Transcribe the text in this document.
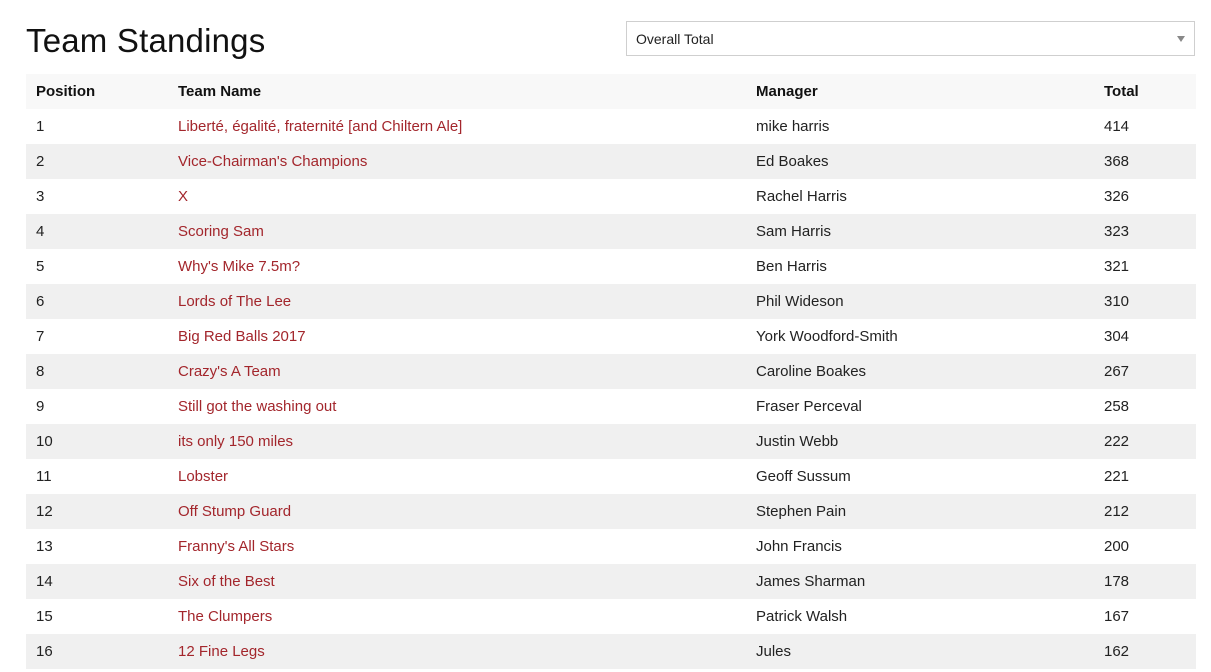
Team Standings	Overall Total
Position	Team Name	Manager	Total
1	Liberté, égalité, fraternité [and Chiltern Ale]	mike harris	414
2	Vice-Chairman's Champions	Ed Boakes	368
3	X	Rachel Harris	326
4	Scoring Sam	Sam Harris	323
5	Why's Mike 7.5m?	Ben Harris	321
6	Lords of The Lee	Phil Wideson	310
7	Big Red Balls 2017	York Woodford-Smith	304
8	Crazy's A Team	Caroline Boakes	267
9	Still got the washing out	Fraser Perceval	258
10	its only 150 miles	Justin Webb	222
11	Lobster	Geoff Sussum	221
12	Off Stump Guard	Stephen Pain	212
13	Franny's All Stars	John Francis	200
14	Six of the Best	James Sharman	178
15	The Clumpers	Patrick Walsh	167
16	12 Fine Legs	Jules	162
